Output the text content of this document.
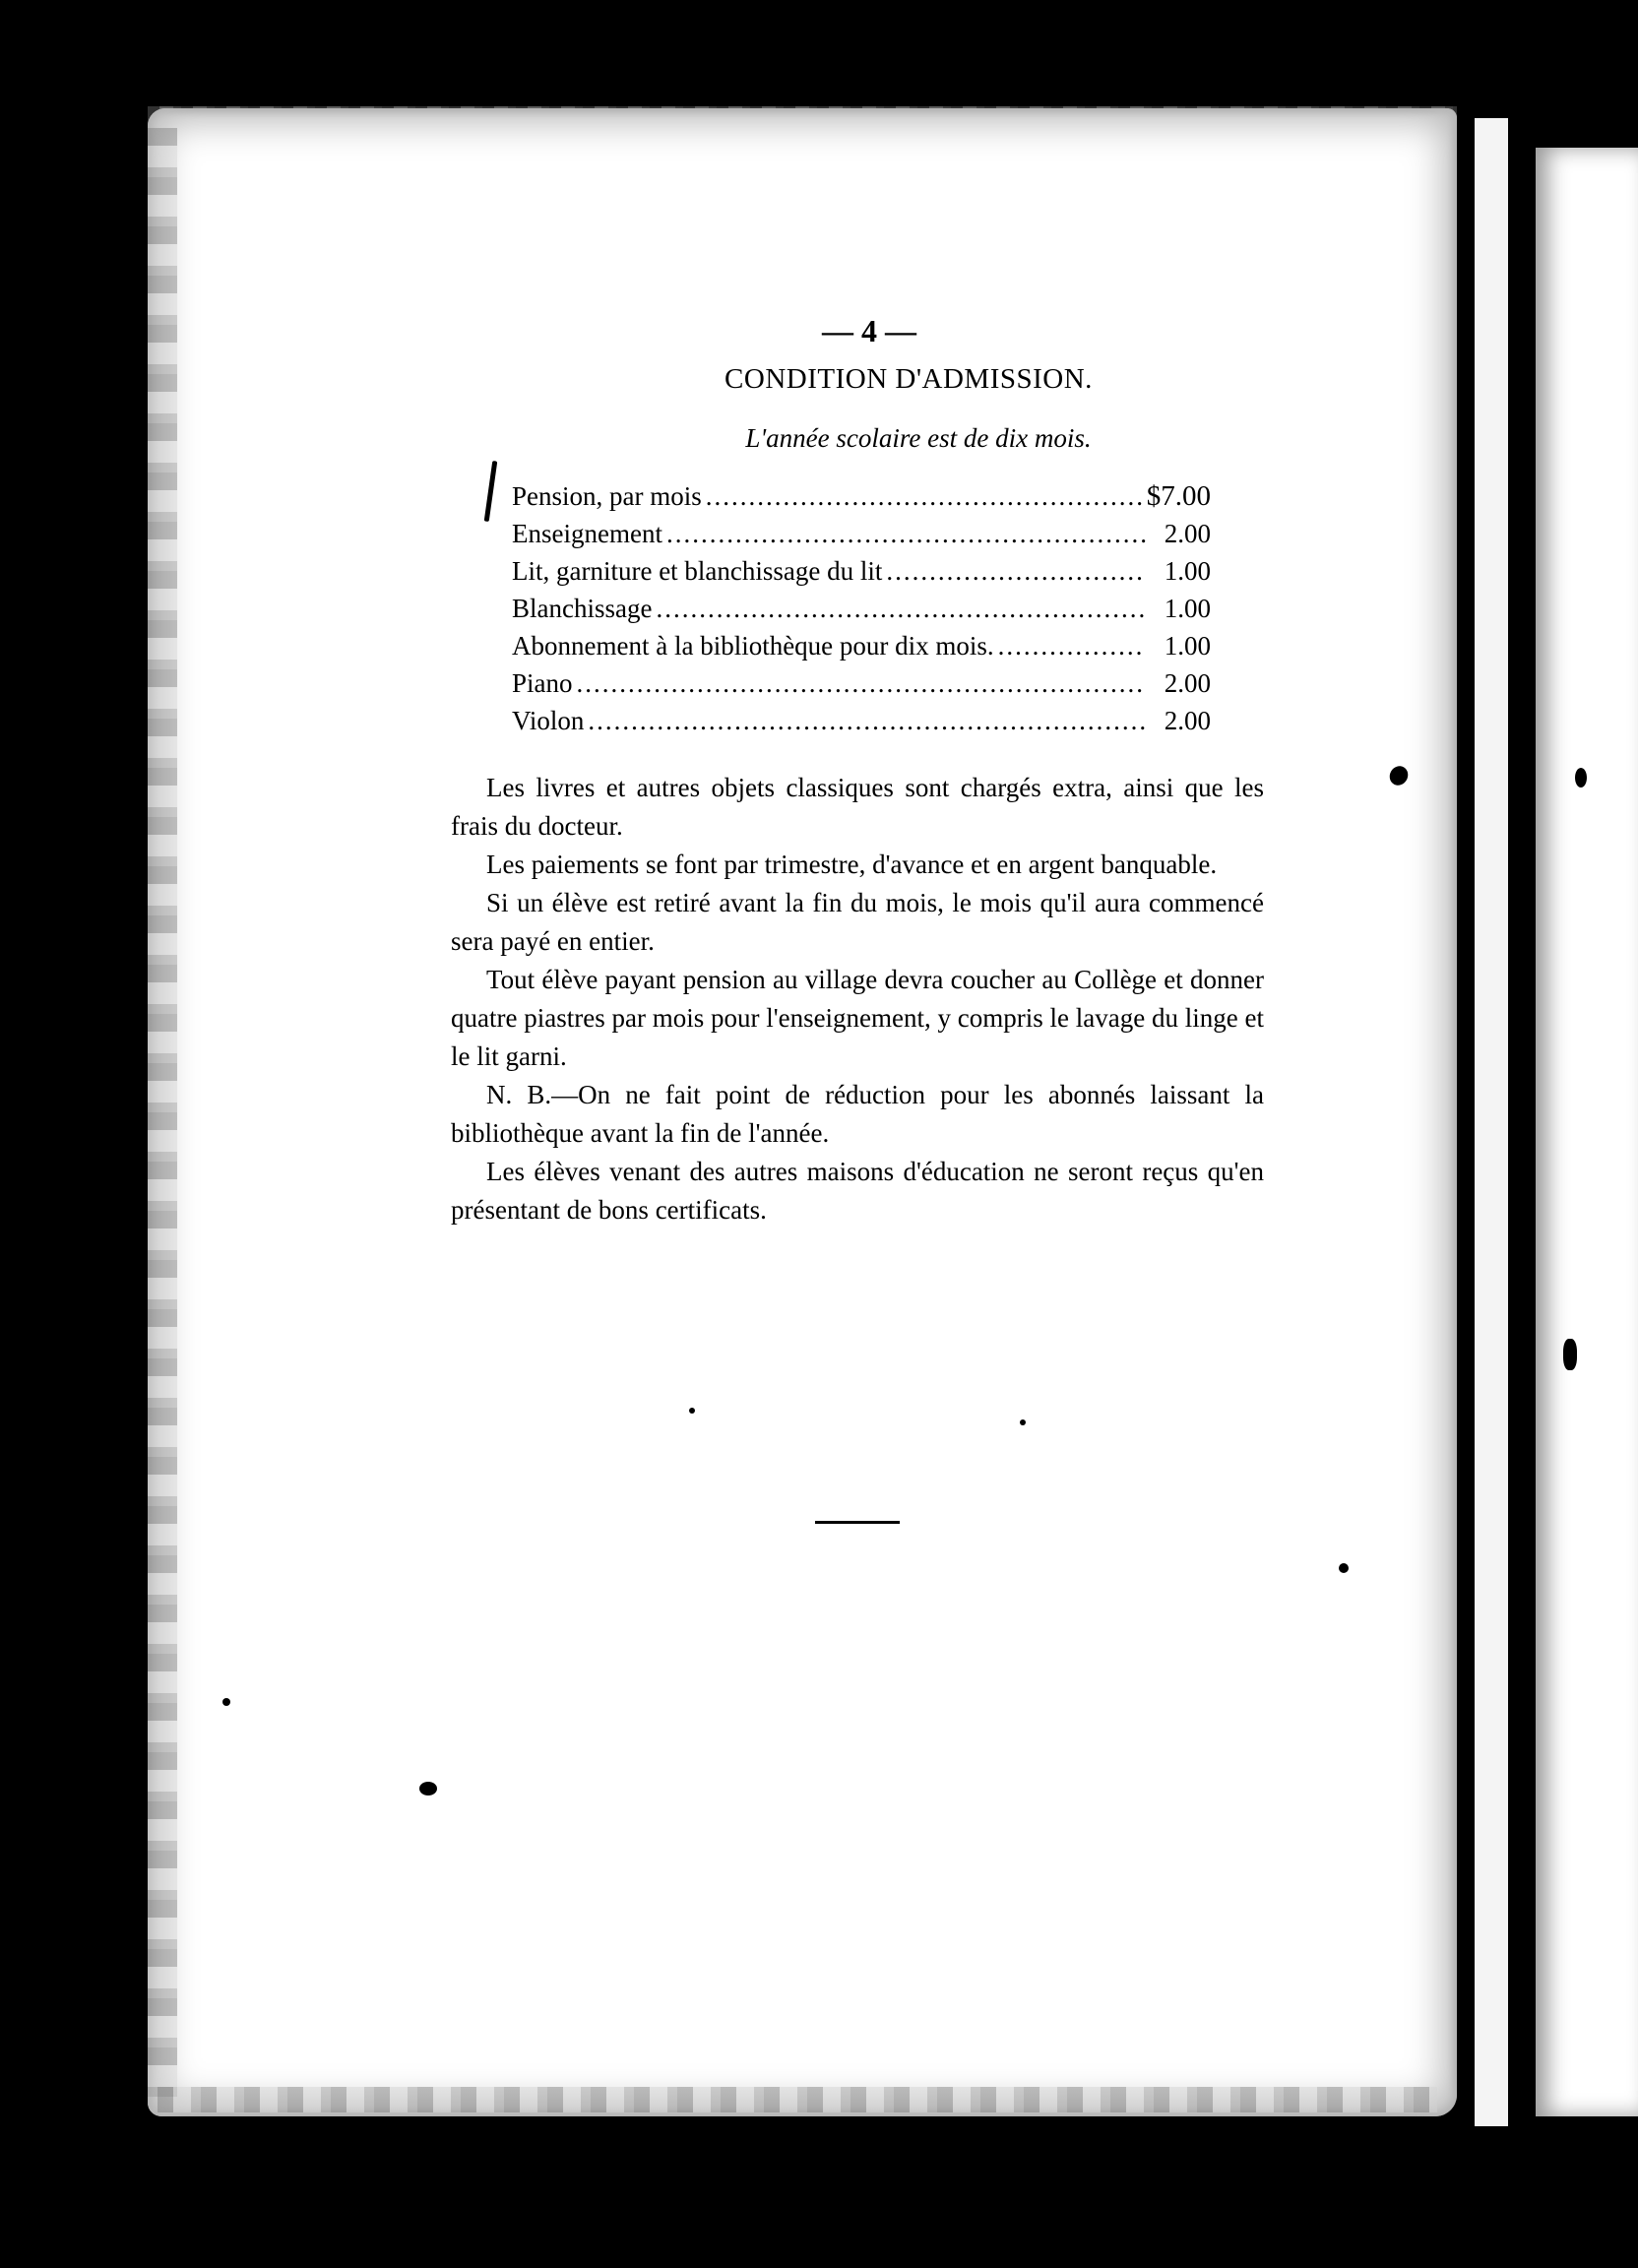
— 4 —
CONDITION D'ADMISSION.
L'année scolaire est de dix mois.
Pension, par mois .....	$7.00
Enseignement .....	2.00
Lit, garniture et blanchissage du lit .....	1.00
Blanchissage .....	1.00
Abonnement à la bibliothèque pour dix mois. .....	1.00
Piano .....	2.00
Violon .....	2.00

Les livres et autres objets classiques sont chargés extra, ainsi que les frais du docteur.

Les paiements se font par trimestre, d'avance et en argent banquable.

Si un élève est retiré avant la fin du mois, le mois qu'il aura commencé sera payé en entier.

Tout élève payant pension au village devra coucher au Collège et donner quatre piastres par mois pour l'enseignement, y compris le lavage du linge et le lit garni.

N. B.—On ne fait point de réduction pour les abonnés laissant la bibliothèque avant la fin de l'année.

Les élèves venant des autres maisons d'éducation ne seront reçus qu'en présentant de bons certificats.
